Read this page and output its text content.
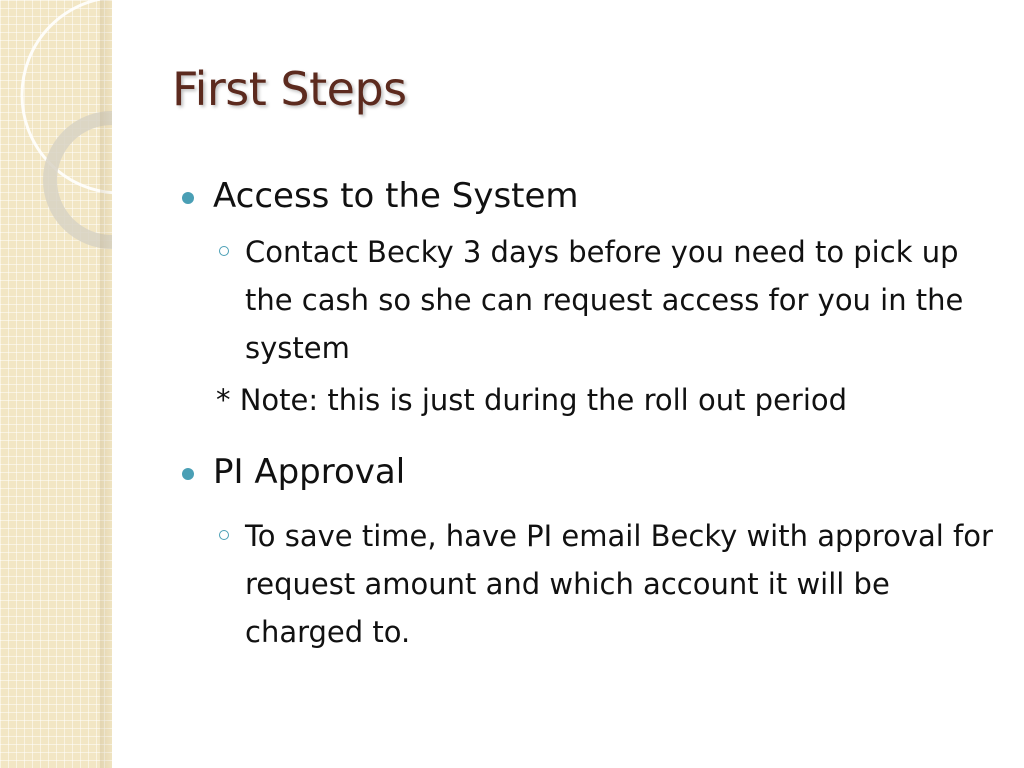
First Steps
Access to the System
Contact Becky 3 days before you need to pick up the cash so she can request access for you in the system
* Note: this is just during the roll out period
PI Approval
To save time, have PI email Becky with approval for request amount and which account it will be charged to.
